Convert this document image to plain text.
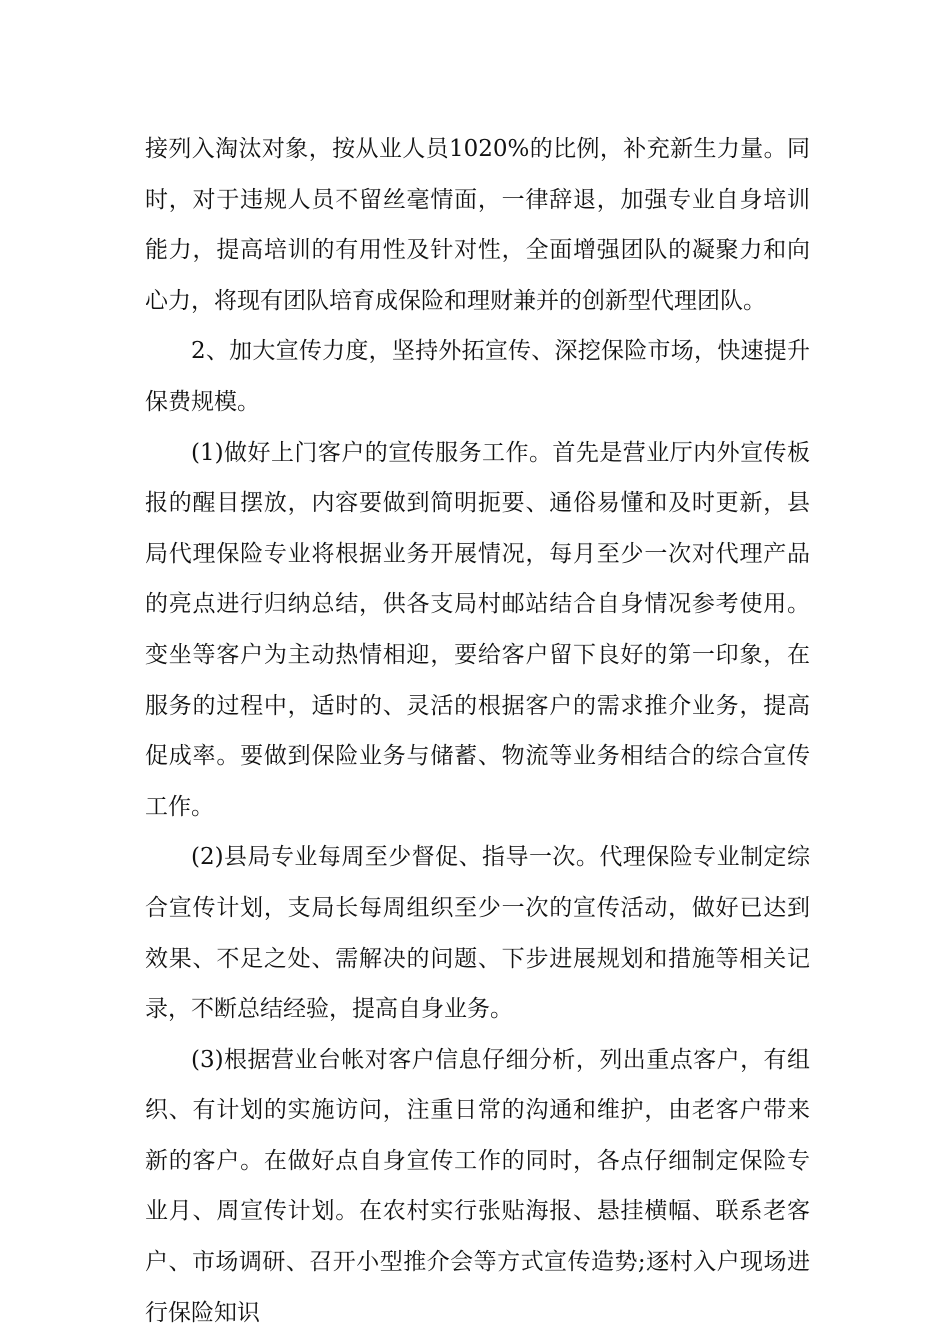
接列入淘汰对象，按从业人员1020%的比例，补充新生力量。同时，对于违规人员不留丝毫情面，一律辞退，加强专业自身培训能力，提高培训的有用性及针对性，全面增强团队的凝聚力和向心力，将现有团队培育成保险和理财兼并的创新型代理团队。

2、加大宣传力度，坚持外拓宣传、深挖保险市场，快速提升保费规模。

(1)做好上门客户的宣传服务工作。首先是营业厅内外宣传板报的醒目摆放，内容要做到简明扼要、通俗易懂和及时更新，县局代理保险专业将根据业务开展情况，每月至少一次对代理产品的亮点进行归纳总结，供各支局村邮站结合自身情况参考使用。变坐等客户为主动热情相迎，要给客户留下良好的第一印象，在服务的过程中，适时的、灵活的根据客户的需求推介业务，提高促成率。要做到保险业务与储蓄、物流等业务相结合的综合宣传工作。

(2)县局专业每周至少督促、指导一次。代理保险专业制定综合宣传计划，支局长每周组织至少一次的宣传活动，做好已达到效果、不足之处、需解决的问题、下步进展规划和措施等相关记录，不断总结经验，提高自身业务。

(3)根据营业台帐对客户信息仔细分析，列出重点客户，有组织、有计划的实施访问，注重日常的沟通和维护，由老客户带来新的客户。在做好点自身宣传工作的同时，各点仔细制定保险专业月、周宣传计划。在农村实行张贴海报、悬挂横幅、联系老客户、市场调研、召开小型推介会等方式宣传造势;逐村入户现场进行保险知识
